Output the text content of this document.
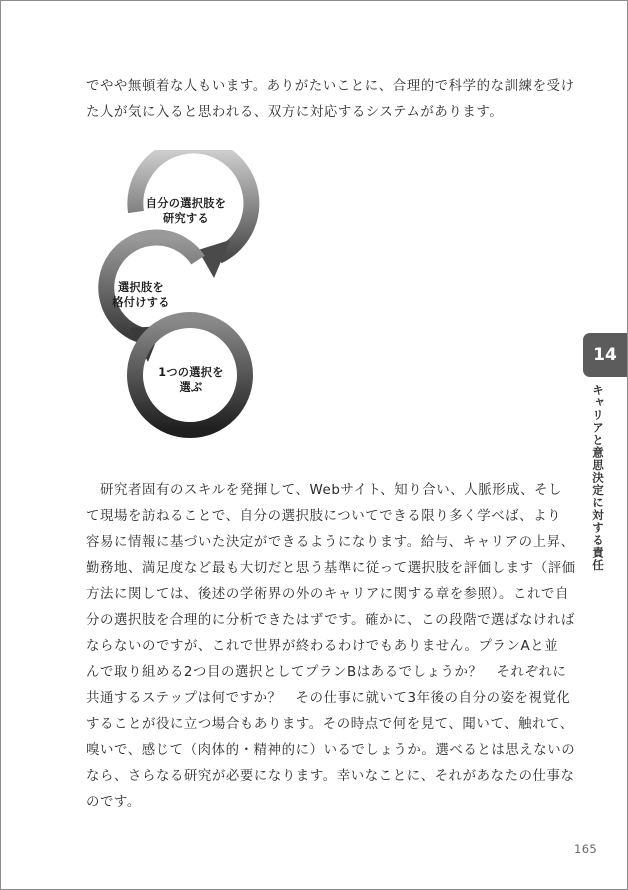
でやや無頓着な人もいます。ありがたいことに、合理的で科学的な訓練を受け
た人が気に入ると思われる、双方に対応するシステムがあります。
自分の選択肢を
研究する
選択肢を
格付けする
1つの選択を
選ぶ
　研究者固有のスキルを発揮して、Webサイト、知り合い、人脈形成、そし
て現場を訪ねることで、自分の選択肢についてできる限り多く学べば、より
容易に情報に基づいた決定ができるようになります。給与、キャリアの上昇、
勤務地、満足度など最も大切だと思う基準に従って選択肢を評価します（評価
方法に関しては、後述の学術界の外のキャリアに関する章を参照）。これで自
分の選択肢を合理的に分析できたはずです。確かに、この段階で選ばなければ
ならないのですが、これで世界が終わるわけでもありません。プランAと並
んで取り組める2つ目の選択としてプランBはあるでしょうか？　それぞれに
共通するステップは何ですか？　その仕事に就いて3年後の自分の姿を視覚化
することが役に立つ場合もあります。その時点で何を見て、聞いて、触れて、
嗅いで、感じて（肉体的・精神的に）いるでしょうか。選べるとは思えないの
なら、さらなる研究が必要になります。幸いなことに、それがあなたの仕事な
のです。
14
キャリアと意思決定に対する責任
165
